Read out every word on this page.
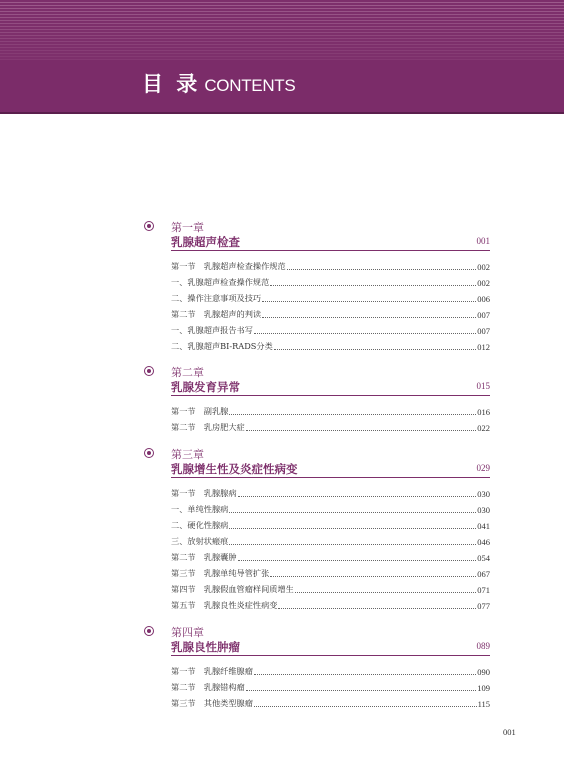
目 录 CONTENTS
第一章
乳腺超声检查	001
第一节　乳腺超声检查操作规范	002
一、乳腺超声检查操作规范	002
二、操作注意事项及技巧	006
第二节　乳腺超声的判读	007
一、乳腺超声报告书写	007
二、乳腺超声BI-RADS分类	012
第二章
乳腺发育异常	015
第一节　副乳腺	016
第二节　乳房肥大症	022
第三章
乳腺增生性及炎症性病变	029
第一节　乳腺腺病	030
一、单纯性腺病	030
二、硬化性腺病	041
三、放射状瘢痕	046
第二节　乳腺囊肿	054
第三节　乳腺单纯导管扩张	067
第四节　乳腺假血管瘤样间质增生	071
第五节　乳腺良性炎症性病变	077
第四章
乳腺良性肿瘤	089
第一节　乳腺纤维腺瘤	090
第二节　乳腺错构瘤	109
第三节　其他类型腺瘤	115
001
